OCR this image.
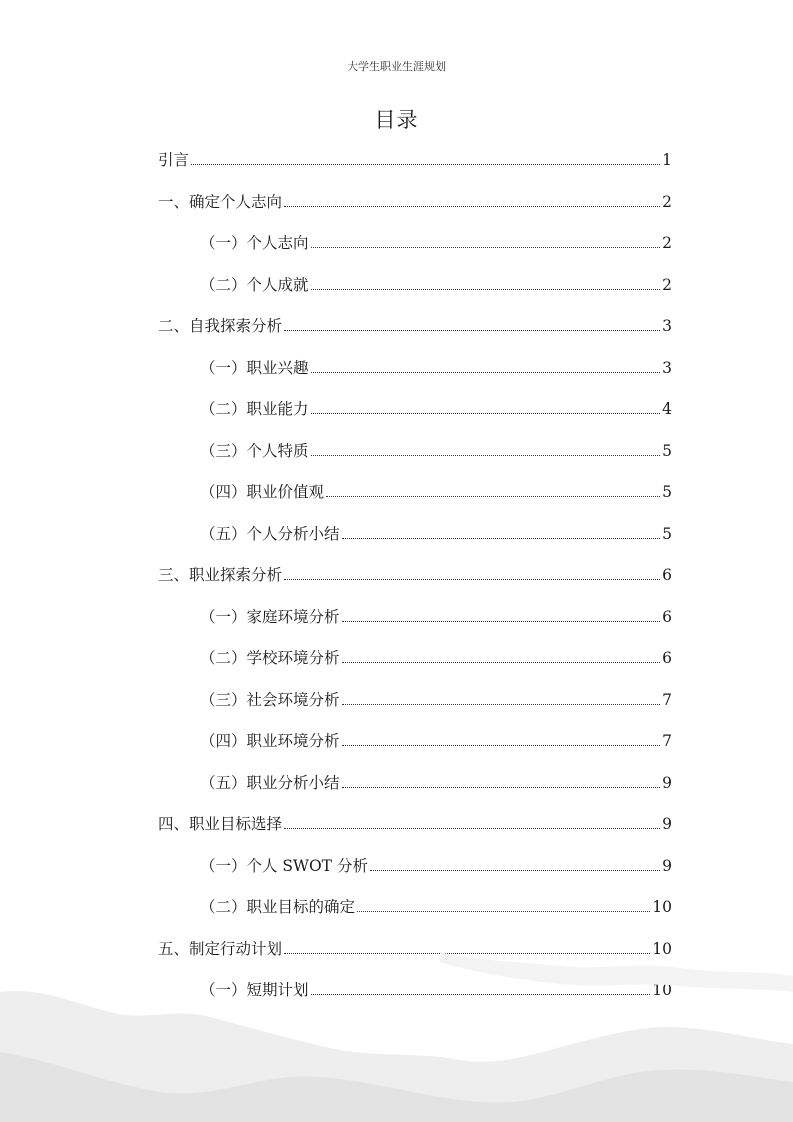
大学生职业生涯规划
目录
引言	1
一、确定个人志向	2
（一）个人志向	2
（二）个人成就	2
二、自我探索分析	3
（一）职业兴趣	3
（二）职业能力	4
（三）个人特质	5
（四）职业价值观	5
（五）个人分析小结	5
三、职业探索分析	6
（一）家庭环境分析	6
（二）学校环境分析	6
（三）社会环境分析	7
（四）职业环境分析	7
（五）职业分析小结	9
四、职业目标选择	9
（一）个人 SWOT 分析	9
（二）职业目标的确定	10
五、制定行动计划	10
（一）短期计划	10
